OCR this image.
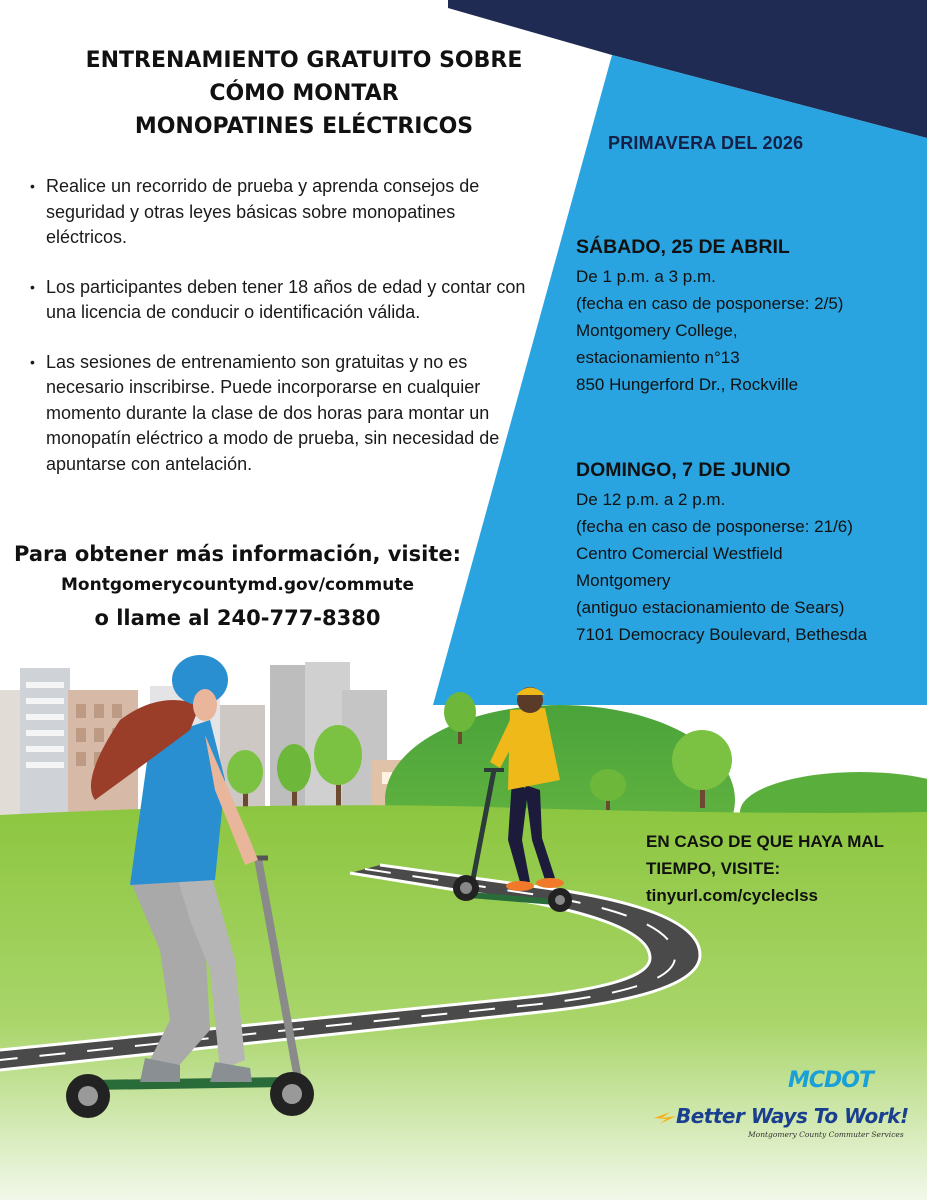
ENTRENAMIENTO GRATUITO SOBRE
CÓMO MONTAR
MONOPATINES ELÉCTRICOS
• Realice un recorrido de prueba y aprenda consejos de seguridad y otras leyes básicas sobre monopatines eléctricos.
• Los participantes deben tener 18 años de edad y contar con una licencia de conducir o identificación válida.
• Las sesiones de entrenamiento son gratuitas y no es necesario inscribirse. Puede incorporarse en cualquier momento durante la clase de dos horas para montar un monopatín eléctrico a modo de prueba, sin necesidad de apuntarse con antelación.
Para obtener más información, visite:
Montgomerycountymd.gov/commute
o llame al 240-777-8380
PRIMAVERA DEL 2026
SÁBADO, 25 DE ABRIL
De 1 p.m. a 3 p.m.
(fecha en caso de posponerse: 2/5)
Montgomery College,
estacionamiento n°13
850 Hungerford Dr., Rockville
DOMINGO, 7 DE JUNIO
De 12 p.m. a 2 p.m.
(fecha en caso de posponerse: 21/6)
Centro Comercial Westfield
Montgomery
(antiguo estacionamiento de Sears)
7101 Democracy Boulevard, Bethesda
EN CASO DE QUE HAYA MAL
TIEMPO, VISITE:
tinyurl.com/cycleclss
MCDOT
Better Ways To Work!
Montgomery County Commuter Services
